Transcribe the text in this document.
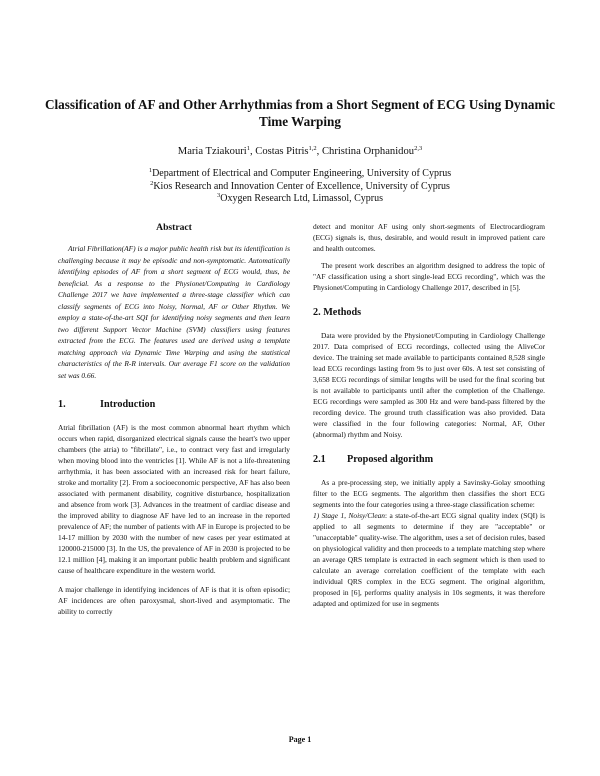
Classification of AF and Other Arrhythmias from a Short Segment of ECG Using Dynamic Time Warping
Maria Tziakouri$^1$, Costas Pitris$^{1,2}$, Christina Orphanidou$^{2,3}$
$^1$Department of Electrical and Computer Engineering, University of Cyprus
$^2$Kios Research and Innovation Center of Excellence, University of Cyprus
$^3$Oxygen Research Ltd, Limassol, Cyprus

Abstract

Atrial Fibrillation(AF) is a major public health risk but its identification is challenging because it may be episodic and non-symptomatic. Automatically identifying episodes of AF from a short segment of ECG would, thus, be beneficial. As a response to the Physionet/Computing in Cardiology Challenge 2017 we have implemented a three-stage classifier which can classify segments of ECG into Noisy, Normal, AF or Other Rhythm. We employ a state-of-the-art SQI for identifying noisy segments and then learn two different Support Vector Machine (SVM) classifiers using features extracted from the ECG. The features used are derived using a template matching approach via Dynamic Time Warping and using the statistical characteristics of the R-R intervals. Our average F1 score on the validation set was 0.66.

1.	Introduction

Atrial fibrillation (AF) is the most common abnormal heart rhythm which occurs when rapid, disorganized electrical signals cause the heart's two upper chambers (the atria) to "fibrillate", i.e., to contract very fast and irregularly when moving blood into the ventricles [1]. While AF is not a life-threatening arrhythmia, it has been associated with an increased risk for heart failure, stroke and mortality [2]. From a socioeconomic perspective, AF has also been associated with permanent disability, cognitive disturbance, hospitalization and absence from work [3]. Advances in the treatment of cardiac disease and the improved ability to diagnose AF have led to an increase in the reported prevalence of AF; the number of patients with AF in Europe is projected to be 14-17 million by 2030 with the number of new cases per year estimated at 120000-215000 [3]. In the US, the prevalence of AF in 2030 is projected to be 12.1 million [4], making it an important public health problem and significant cause of healthcare expenditure in the western world.

A major challenge in identifying incidences of AF is that it is often episodic; AF incidences are often paroxysmal, short-lived and asymptomatic. The ability to correctly

detect and monitor AF using only short-segments of Electrocardiogram (ECG) signals is, thus, desirable, and would result in improved patient care and health outcomes.

The present work describes an algorithm designed to address the topic of "AF classification using a short single-lead ECG recording", which was the Physionet/Computing in Cardiology Challenge 2017, described in [5].

2.
Methods

Data were provided by the Physionet/Computing in Cardiology Challenge 2017. Data comprised of ECG recordings, collected using the AliveCor device. The training set made available to participants contained 8,528 single lead ECG recordings lasting from 9s to just over 60s. A test set consisting of 3,658 ECG recordings of similar lengths will be used for the final scoring but is not available to participants until after the completion of the Challenge. ECG recordings were sampled as 300 Hz and were band-pass filtered by the recording device. The ground truth classification was also provided. Data were classified in the four following categories: Normal, AF, Other (abnormal) rhythm and Noisy.

2.1	Proposed algorithm

As a pre-processing step, we initially apply a Savinsky-Golay smoothing filter to the ECG segments. The algorithm then classifies the short ECG segments into the four categories using a three-stage classification scheme:

1) Stage 1, Noisy/Clean: a state-of-the-art ECG signal quality index (SQI) is applied to all segments to determine if they are "acceptable" or "unacceptable" quality-wise. The algorithm, uses a set of decision rules, based on physiological validity and then proceeds to a template matching step where an average QRS template is extracted in each segment which is then used to calculate an average correlation coefficient of the template with each individual QRS complex in the ECG segment. The original algorithm, proposed in [6], performs quality analysis in 10s segments, it was therefore adapted and optimized for use in segments

Page 1
